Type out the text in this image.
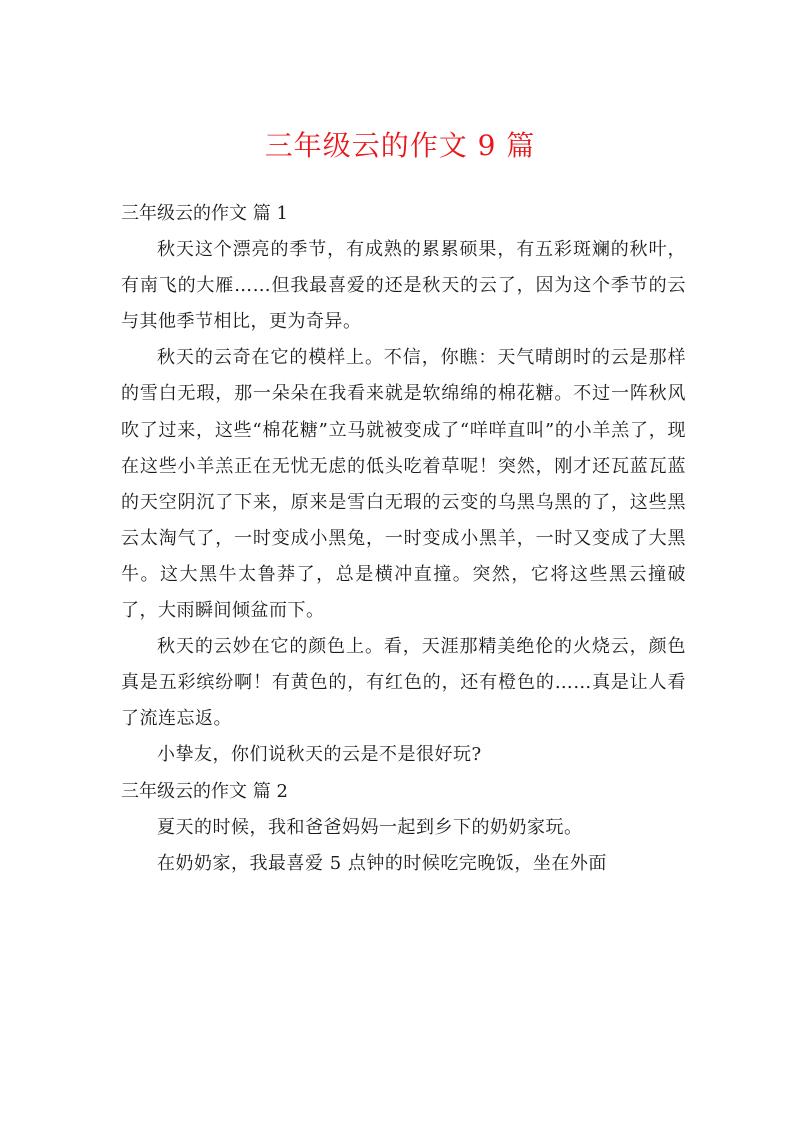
三年级云的作文 9 篇
三年级云的作文 篇 1

秋天这个漂亮的季节，有成熟的累累硕果，有五彩斑斓的秋叶，有南飞的大雁……但我最喜爱的还是秋天的云了，因为这个季节的云与其他季节相比，更为奇异。

秋天的云奇在它的模样上。不信，你瞧：天气晴朗时的云是那样的雪白无瑕，那一朵朵在我看来就是软绵绵的棉花糖。不过一阵秋风吹了过来，这些“棉花糖”立马就被变成了“咩咩直叫”的小羊羔了，现在这些小羊羔正在无忧无虑的低头吃着草呢！突然，刚才还瓦蓝瓦蓝的天空阴沉了下来，原来是雪白无瑕的云变的乌黑乌黑的了，这些黑云太淘气了，一时变成小黑兔，一时变成小黑羊，一时又变成了大黑牛。这大黑牛太鲁莽了，总是横冲直撞。突然，它将这些黑云撞破了，大雨瞬间倾盆而下。

秋天的云妙在它的颜色上。看，天涯那精美绝伦的火烧云，颜色真是五彩缤纷啊！有黄色的，有红色的，还有橙色的……真是让人看了流连忘返。

小挚友，你们说秋天的云是不是很好玩?

三年级云的作文 篇 2

夏天的时候，我和爸爸妈妈一起到乡下的奶奶家玩。

在奶奶家，我最喜爱 5 点钟的时候吃完晚饭，坐在外面
